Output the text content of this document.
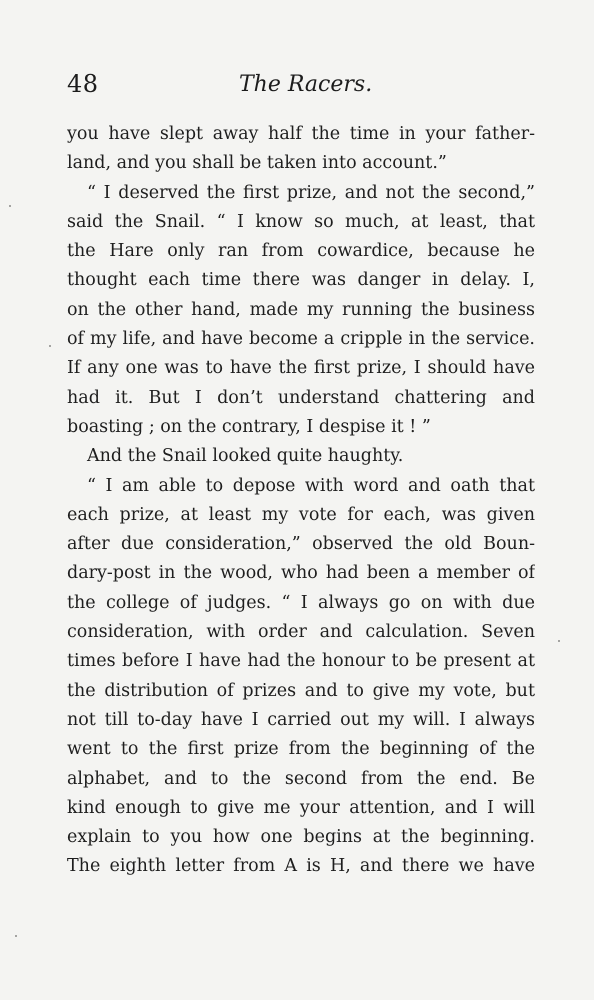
48	The Racers.
you have slept away half the time in your father-
land, and you shall be taken into account.”
“ I deserved the first prize, and not the second,”
said the Snail. “ I know so much, at least, that
the Hare only ran from cowardice, because he
thought each time there was danger in delay. I,
on the other hand, made my running the business
of my life, and have become a cripple in the service.
If any one was to have the first prize, I should have
had it. But I don’t understand chattering and
boasting ; on the contrary, I despise it ! ”
And the Snail looked quite haughty.
“ I am able to depose with word and oath that
each prize, at least my vote for each, was given
after due consideration,” observed the old Boun-
dary-post in the wood, who had been a member of
the college of judges. “ I always go on with due
consideration, with order and calculation. Seven
times before I have had the honour to be present at
the distribution of prizes and to give my vote, but
not till to-day have I carried out my will. I always
went to the first prize from the beginning of the
alphabet, and to the second from the end. Be
kind enough to give me your attention, and I will
explain to you how one begins at the beginning.
The eighth letter from A is H, and there we have
